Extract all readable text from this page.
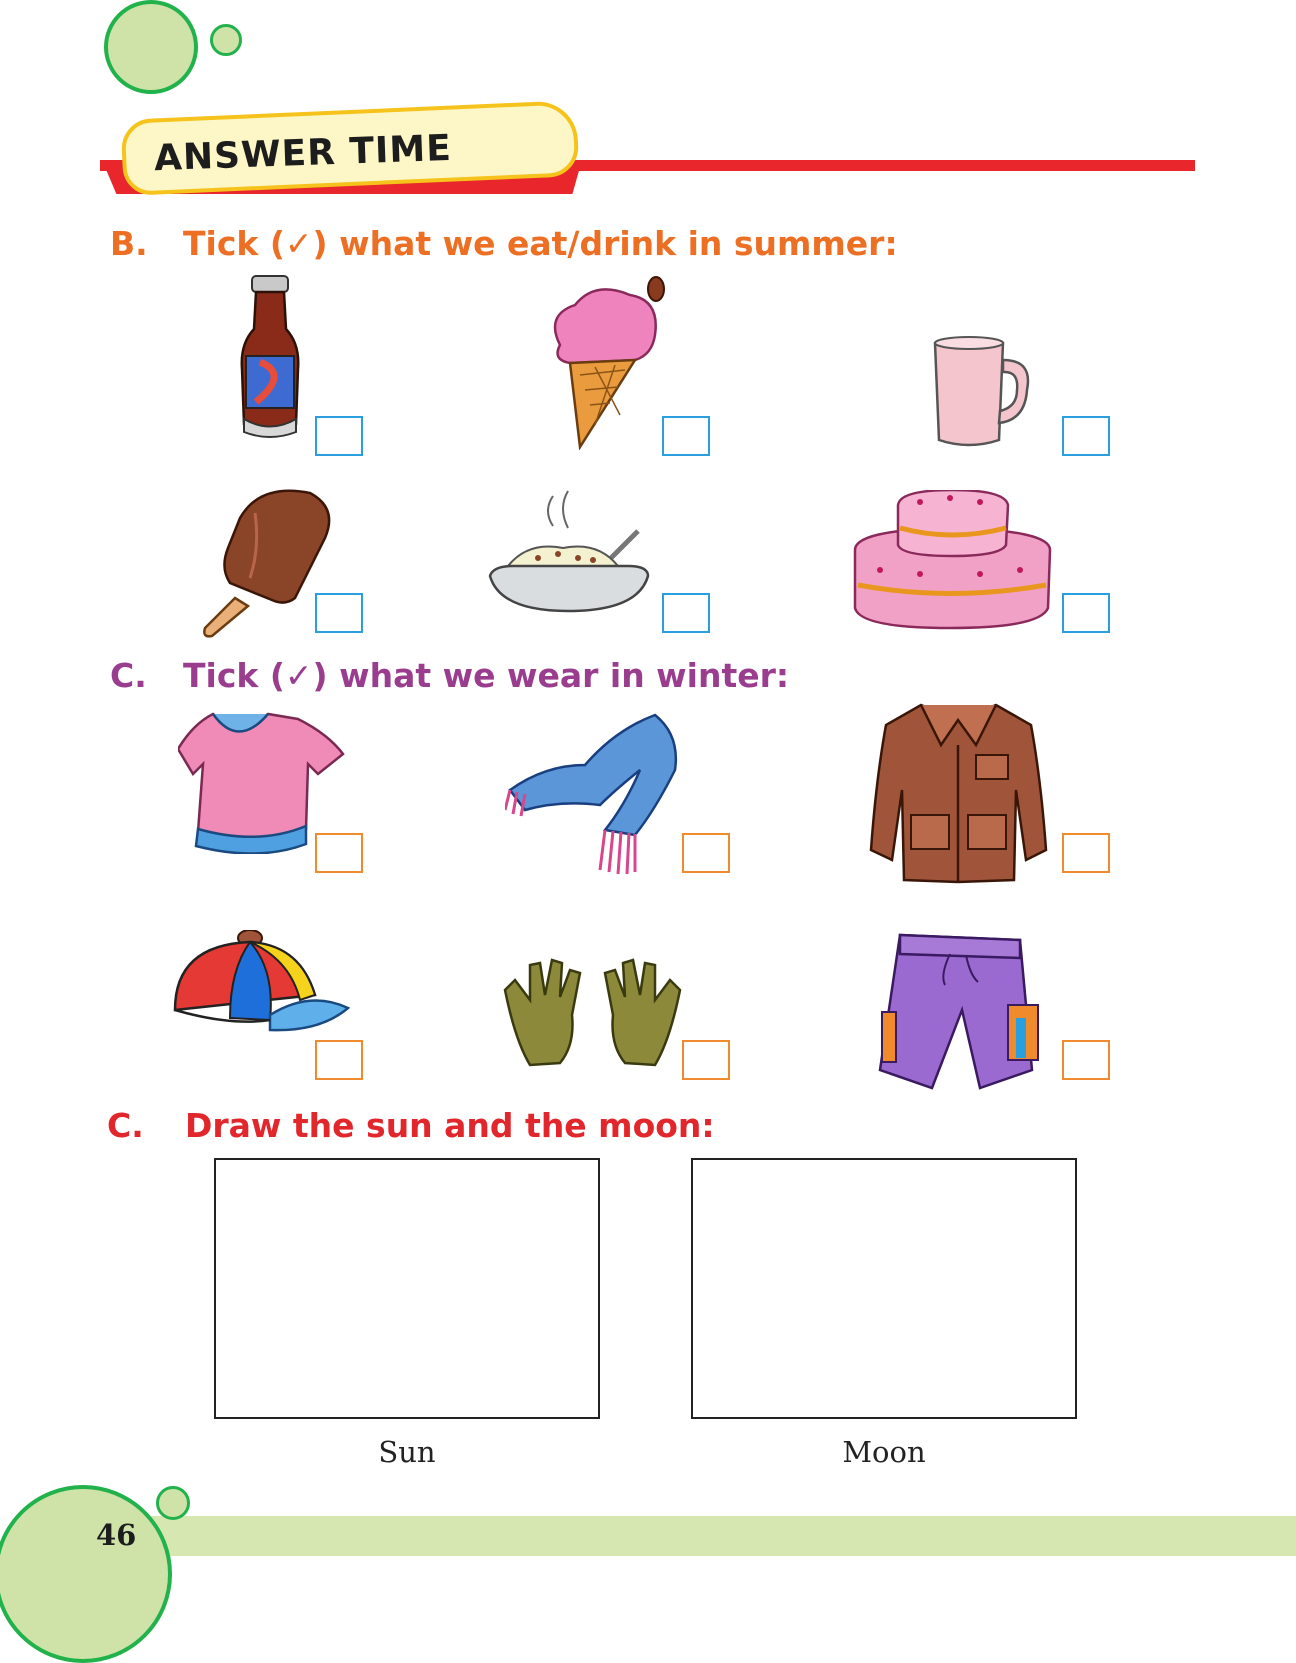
ANSWER TIME
B. Tick (✓) what we eat/drink in summer:
C. Tick (✓) what we wear in winter:
C. Draw the sun and the moon:
Sun	Moon
46
